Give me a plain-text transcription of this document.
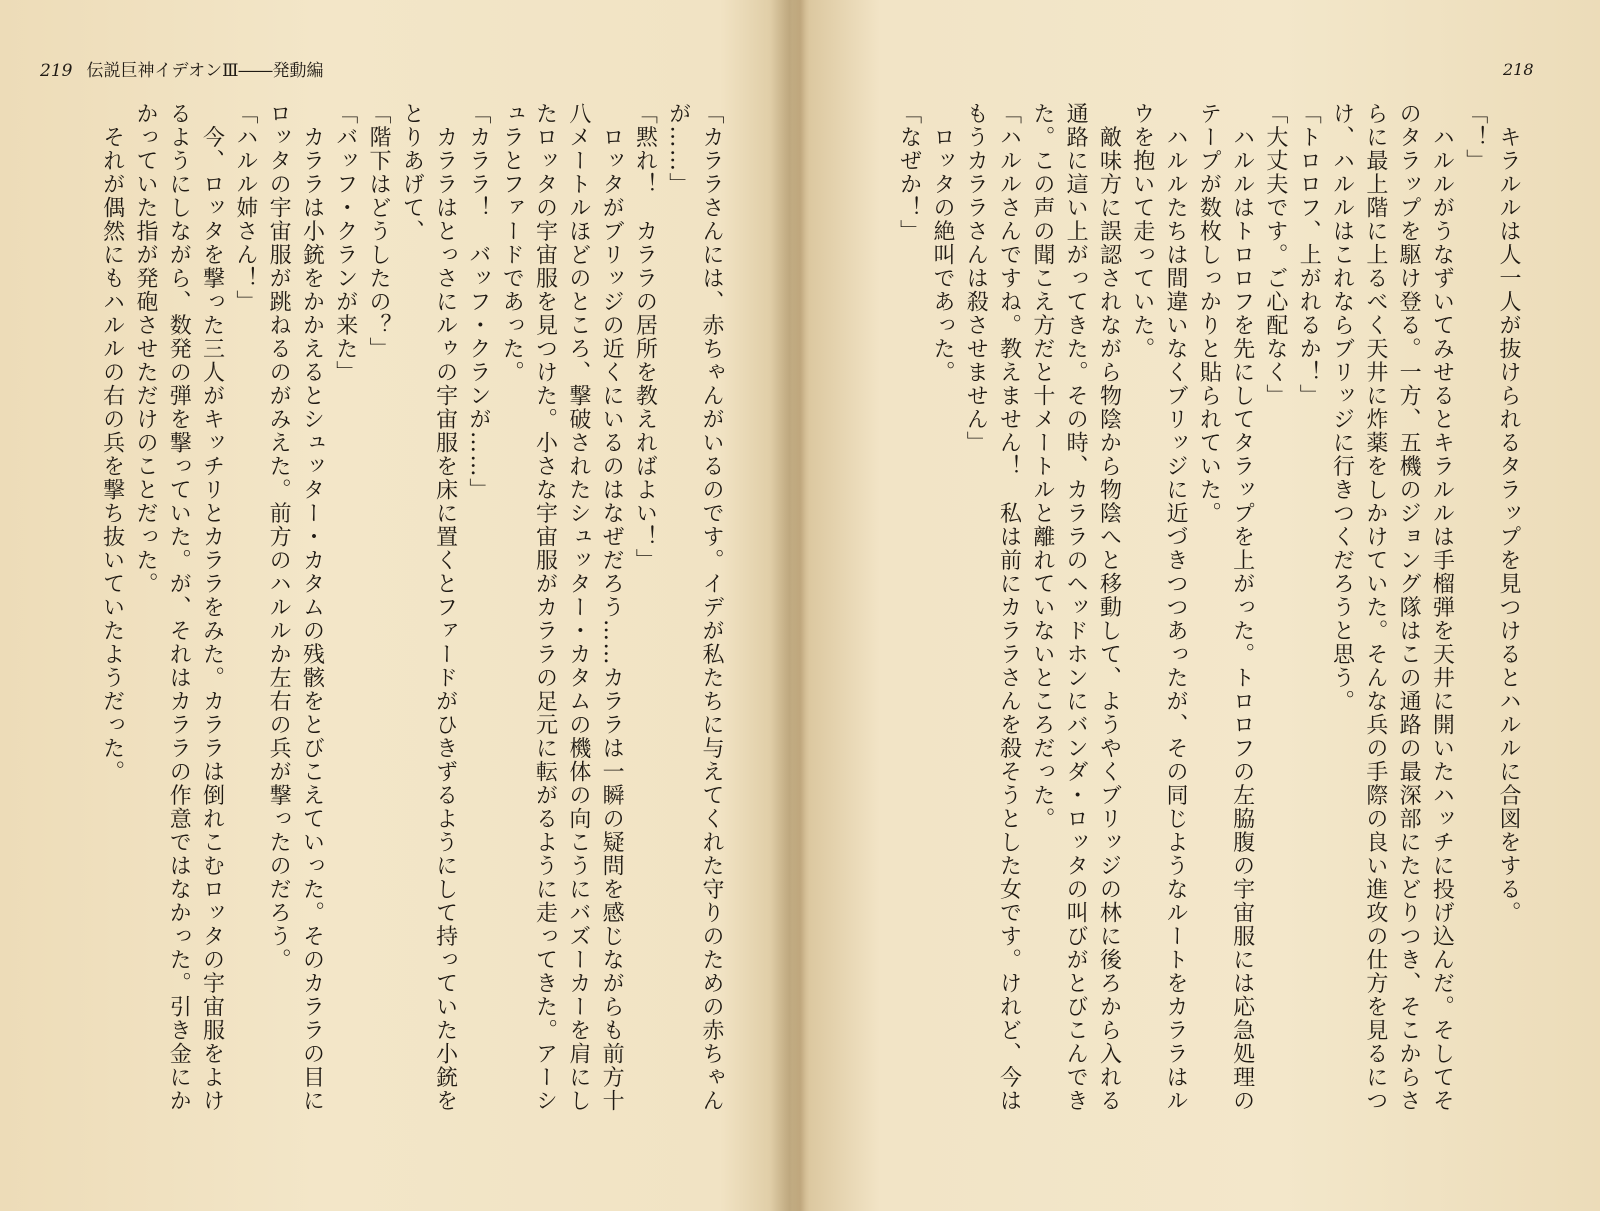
219 伝説巨神イデオンⅢ――発動編	218
「カララさんには、赤ちゃんがいるのです。イデが私たちに与えてくれた守りのための赤ちゃん
が……」
「黙れ！　カララの居所を教えればよい！」
　ロッタがブリッジの近くにいるのはなぜだろう……カララは一瞬の疑問を感じながらも前方十
八メートルほどのところ、撃破されたシュッター・カタムの機体の向こうにバズーカーを肩にし
たロッタの宇宙服を見つけた。小さな宇宙服がカララの足元に転がるように走ってきた。アーシ
ュラとファードであった。
「カララ！　バッフ・クランが……」
　カララはとっさにルゥの宇宙服を床に置くとファードがひきずるようにして持っていた小銃を
とりあげて、
「階下はどうしたの？」
「バッフ・クランが来た」
　カララは小銃をかかえるとシュッター・カタムの残骸をとびこえていった。そのカララの目に
ロッタの宇宙服が跳ねるのがみえた。前方のハルルか左右の兵が撃ったのだろう。
「ハルル姉さん！」
　今、ロッタを撃った三人がキッチリとカララをみた。カララは倒れこむロッタの宇宙服をよけ
るようにしながら、数発の弾を撃っていた。が、それはカララの作意ではなかった。引き金にか
かっていた指が発砲させただけのことだった。
　それが偶然にもハルルの右の兵を撃ち抜いていたようだった。	　キラルルは人一人が抜けられるタラップを見つけるとハルルに合図をする。
「！」
　ハルルがうなずいてみせるとキラルルは手榴弾を天井に開いたハッチに投げ込んだ。そしてそ
のタラップを駆け登る。一方、五機のジョング隊はこの通路の最深部にたどりつき、そこからさ
らに最上階に上るべく天井に炸薬をしかけていた。そんな兵の手際の良い進攻の仕方を見るにつ
け、ハルルはこれならブリッジに行きつくだろうと思う。
「トロロフ、上がれるか！」
「大丈夫です。ご心配なく」
　ハルルはトロロフを先にしてタラップを上がった。トロロフの左脇腹の宇宙服には応急処理の
テープが数枚しっかりと貼られていた。
　ハルルたちは間違いなくブリッジに近づきつつあったが、その同じようなルートをカララはル
ウを抱いて走っていた。
　敵味方に誤認されながら物陰から物陰へと移動して、ようやくブリッジの林に後ろから入れる
通路に這い上がってきた。その時、カララのヘッドホンにバンダ・ロッタの叫びがとびこんでき
た。この声の聞こえ方だと十メートルと離れていないところだった。
「ハルルさんですね。教えません！　私は前にカララさんを殺そうとした女です。けれど、今は
もうカララさんは殺させません」
　ロッタの絶叫であった。
「なぜか！」
